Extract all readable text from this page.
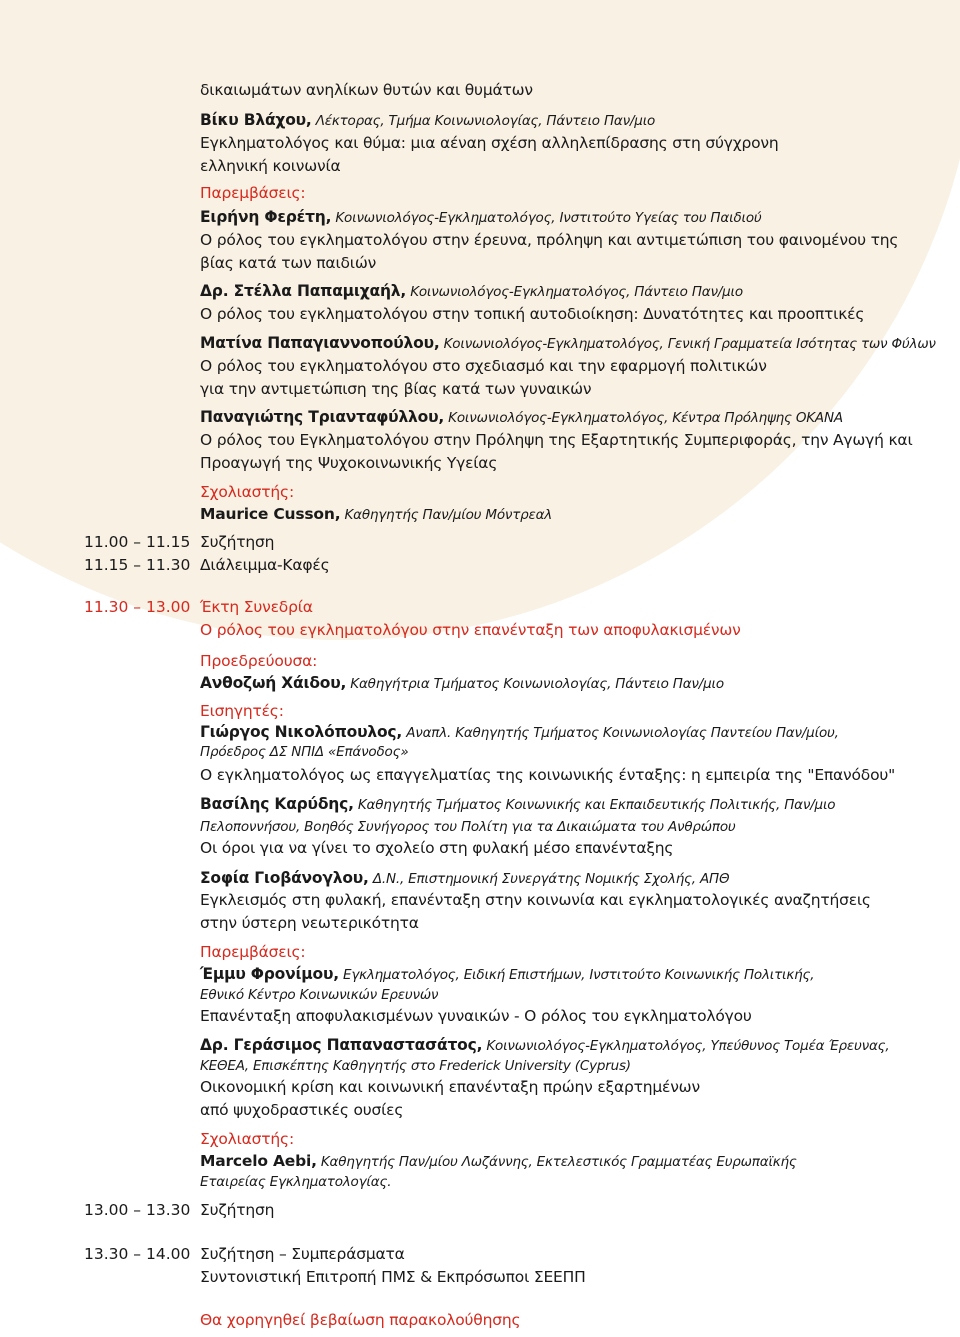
δικαιωμάτων ανηλίκων θυτών και θυμάτων
Βίκυ Βλάχου, Λέκτορας, Τμήμα Κοινωνιολογίας, Πάντειο Παν/μιο
Εγκληματολόγος και θύμα: μια αέναη σχέση αλληλεπίδρασης στη σύγχρονη
ελληνική κοινωνία
Παρεμβάσεις:
Ειρήνη Φερέτη, Κοινωνιολόγος-Εγκληματολόγος, Ινστιτούτο Υγείας του Παιδιού
Ο ρόλος του εγκληματολόγου στην έρευνα, πρόληψη και αντιμετώπιση του φαινομένου της
βίας κατά των παιδιών
Δρ. Στέλλα Παπαμιχαήλ, Κοινωνιολόγος-Εγκληματολόγος, Πάντειο Παν/μιο
Ο ρόλος του εγκληματολόγου στην τοπική αυτοδιοίκηση: Δυνατότητες και προοπτικές
Ματίνα Παπαγιαννοπούλου, Κοινωνιολόγος-Εγκληματολόγος, Γενική Γραμματεία Ισότητας των Φύλων
Ο ρόλος του εγκληματολόγου στο σχεδιασμό και την εφαρμογή πολιτικών
για την αντιμετώπιση της βίας κατά των γυναικών
Παναγιώτης Τριανταφύλλου, Κοινωνιολόγος-Εγκληματολόγος, Κέντρα Πρόληψης ΟΚΑΝΑ
Ο ρόλος του Εγκληματολόγου στην Πρόληψη της Εξαρτητικής Συμπεριφοράς, την Αγωγή και
Προαγωγή της Ψυχοκοινωνικής Υγείας
Σχολιαστής:
Maurice Cusson, Καθηγητής Παν/μίου Μόντρεαλ
11.00 – 11.15 Συζήτηση
11.15 – 11.30 Διάλειμμα-Καφές
11.30 – 13.00 Έκτη Συνεδρία
Ο ρόλος του εγκληματολόγου στην επανένταξη των αποφυλακισμένων
Προεδρεύουσα:
Ανθοζωή Χάιδου, Καθηγήτρια Τμήματος Κοινωνιολογίας, Πάντειο Παν/μιο
Εισηγητές:
Γιώργος Νικολόπουλος, Αναπλ. Καθηγητής Τμήματος Κοινωνιολογίας Παντείου Παν/μίου,
Πρόεδρος ΔΣ ΝΠΙΔ «Επάνοδος»
Ο εγκληματολόγος ως επαγγελματίας της κοινωνικής ένταξης: η εμπειρία της "Επανόδου"
Βασίλης Καρύδης, Καθηγητής Τμήματος Κοινωνικής και Εκπαιδευτικής Πολιτικής, Παν/μιο
Πελοποννήσου, Βοηθός Συνήγορος του Πολίτη για τα Δικαιώματα του Ανθρώπου
Οι όροι για να γίνει το σχολείο στη φυλακή μέσο επανένταξης
Σοφία Γιοβάνογλου, Δ.Ν., Επιστημονική Συνεργάτης Νομικής Σχολής, ΑΠΘ
Εγκλεισμός στη φυλακή, επανένταξη στην κοινωνία και εγκληματολογικές αναζητήσεις
στην ύστερη νεωτερικότητα
Παρεμβάσεις:
Έμμυ Φρονίμου, Εγκληματολόγος, Ειδική Επιστήμων, Ινστιτούτο Κοινωνικής Πολιτικής,
Εθνικό Κέντρο Κοινωνικών Ερευνών
Επανένταξη αποφυλακισμένων γυναικών - Ο ρόλος του εγκληματολόγου
Δρ. Γεράσιμος Παπαναστασάτος, Κοινωνιολόγος-Εγκληματολόγος, Υπεύθυνος Τομέα Έρευνας,
ΚΕΘΕΑ, Επισκέπτης Καθηγητής στο Frederick University (Cyprus)
Οικονομική κρίση και κοινωνική επανένταξη πρώην εξαρτημένων
από ψυχοδραστικές ουσίες
Σχολιαστής:
Marcelo Aebi, Καθηγητής Παν/μίου Λωζάννης, Εκτελεστικός Γραμματέας Ευρωπαϊκής
Εταιρείας Εγκληματολογίας.
13.00 – 13.30 Συζήτηση
13.30 – 14.00 Συζήτηση – Συμπεράσματα
Συντονιστική Επιτροπή ΠΜΣ & Εκπρόσωποι ΣΕΕΠΠ
Θα χορηγηθεί βεβαίωση παρακολούθησης
